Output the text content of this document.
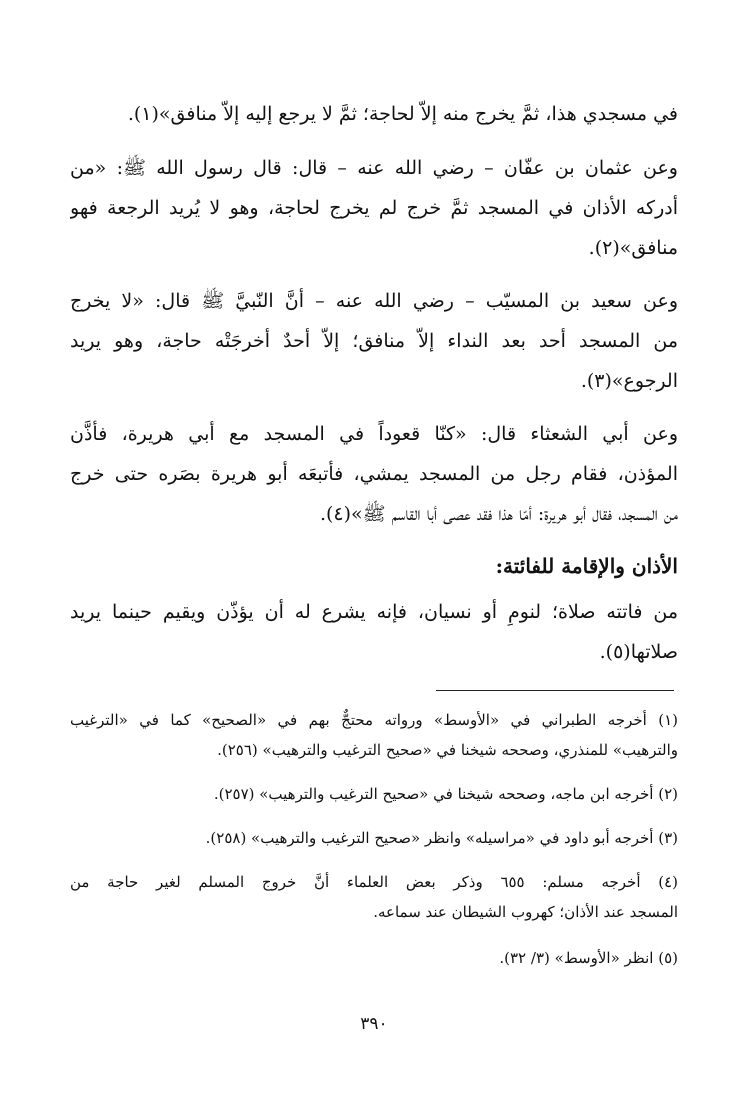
في مسجدي هذا، ثمَّ يخرج منه إلاّ لحاجة؛ ثمَّ لا يرجع إليه إلاّ منافق»(١).
وعن عثمان بن عفّان – رضي الله عنه – قال: قال رسول الله ﷺ: «من
أدركه الأذان في المسجد ثمَّ خرج لم يخرج لحاجة، وهو لا يُريد الرجعة فهو
منافق»(٢).
وعن سعيد بن المسيّب – رضي الله عنه – أنَّ النّبيَّ ﷺ قال: «لا يخرج
من المسجد أحد بعد النداء إلاّ منافق؛ إلاّ أحدٌ أخرجَتْه حاجة، وهو يريد
الرجوع»(٣).
وعن أبي الشعثاء قال: «كنّا قعوداً في المسجد مع أبي هريرة، فأذَّن
المؤذن، فقام رجل من المسجد يمشي، فأتبعَه أبو هريرة بصَره حتى خرج
من المسجد، فقال أبو هريرة: أمّا هذا فقد عصى أبا القاسم ﷺ»(٤).
الأذان والإقامة للفائتة:
من فاتته صلاة؛ لنومٍ أو نسيان، فإنه يشرع له أن يؤذّن ويقيم حينما يريد
صلاتها(٥).
(١) أخرجه الطبراني في «الأوسط» ورواته محتجٌّ بهم في «الصحيح» كما في «الترغيب
والترهيب» للمنذري، وصححه شيخنا في «صحيح الترغيب والترهيب» (٢٥٦).
(٢) أخرجه ابن ماجه، وصححه شيخنا في «صحيح الترغيب والترهيب» (٢٥٧).
(٣) أخرجه أبو داود في «مراسيله» وانظر «صحيح الترغيب والترهيب» (٢٥٨).
(٤) أخرجه مسلم: ٦٥٥ وذكر بعض العلماء أنَّ خروج المسلم لغير حاجة من
المسجد عند الأذان؛ كهروب الشيطان عند سماعه.
(٥) انظر «الأوسط» (٣/ ٣٢).
٣٩٠
